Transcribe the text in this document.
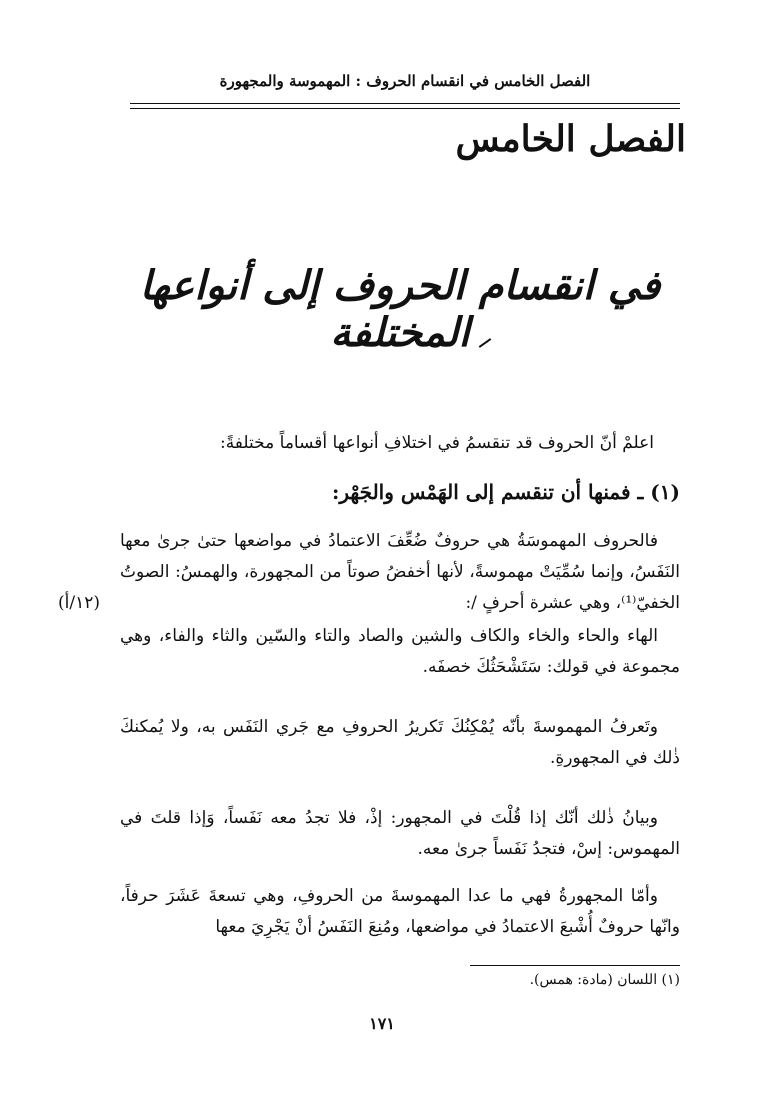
الفصل الخامس في انقسام الحروف : المهموسة والمجهورة
الفصل الخامس
في انقسام الحروف إلى أنواعها المختلفة
اعلمْ أنّ الحروف قد تنقسمُ في اختلافِ أنواعها أقساماً مختلفةً:
(١) ـ فمنها أن تنقسم إلى الهَمْس والجَهْر:
فالحروف المهموسَةُ هي حروفٌ ضُعِّفَ الاعتمادُ في مواضعها حتىٰ جرىٰ معها النَفَسُ، وإنما سُمِّيَتْ مهموسةً، لأنها أخفضُ صوتاً من المجهورة، والهمسُ: الصوتُ الخفيّ⁽¹⁾، وهي عشرة أحرفٍ /:
(١٢/أ)
الهاء والحاء والخاء والكاف والشين والصاد والتاء والسّين والثاء والفاء، وهي مجموعة في قولك: سَتَشْحَثُكَ خصفَه.
وتَعرفُ المهموسةَ بأنّه يُمْكِنُكَ تَكريرُ الحروفِ مع جَري النَفَس به، ولا يُمكنكَ ذٰلك في المجهورةِ.
وبيانُ ذٰلك أنّك إذا قُلْتَ في المجهور: إذْ، فلا تجدُ معه نَفَساً، وَإذا قلتَ في المهموس: إسْ، فتجدُ نَفَساً جرىٰ معه.
وأمّا المجهورةُ فهي ما عدا المهموسةَ من الحروفِ، وهي تسعةَ عَشَرَ حرفاً، وانّها حروفٌ أُشْبعَ الاعتمادُ في مواضعها، ومُنِعَ النَفَسُ أنْ يَجْرِيَ معها
(١) اللسان (مادة: همس).
١٧١
